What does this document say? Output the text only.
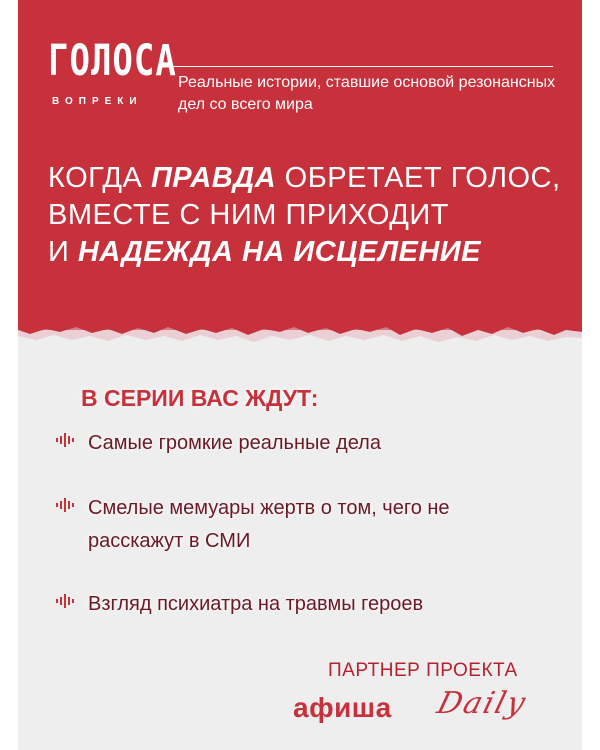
ГОЛОСА
ВОПРЕКИ
Реальные истории, ставшие основой резонансных дел со всего мира
КОГДА ПРАВДА ОБРЕТАЕТ ГОЛОС,
ВМЕСТЕ С НИМ ПРИХОДИТ
И НАДЕЖДА НА ИСЦЕЛЕНИЕ
В СЕРИИ ВАС ЖДУТ:
Самые громкие реальные дела
Смелые мемуары жертв о том, чего не расскажут в СМИ
Взгляд психиатра на травмы героев
ПАРТНЕР ПРОЕКТА
афиша Daily
